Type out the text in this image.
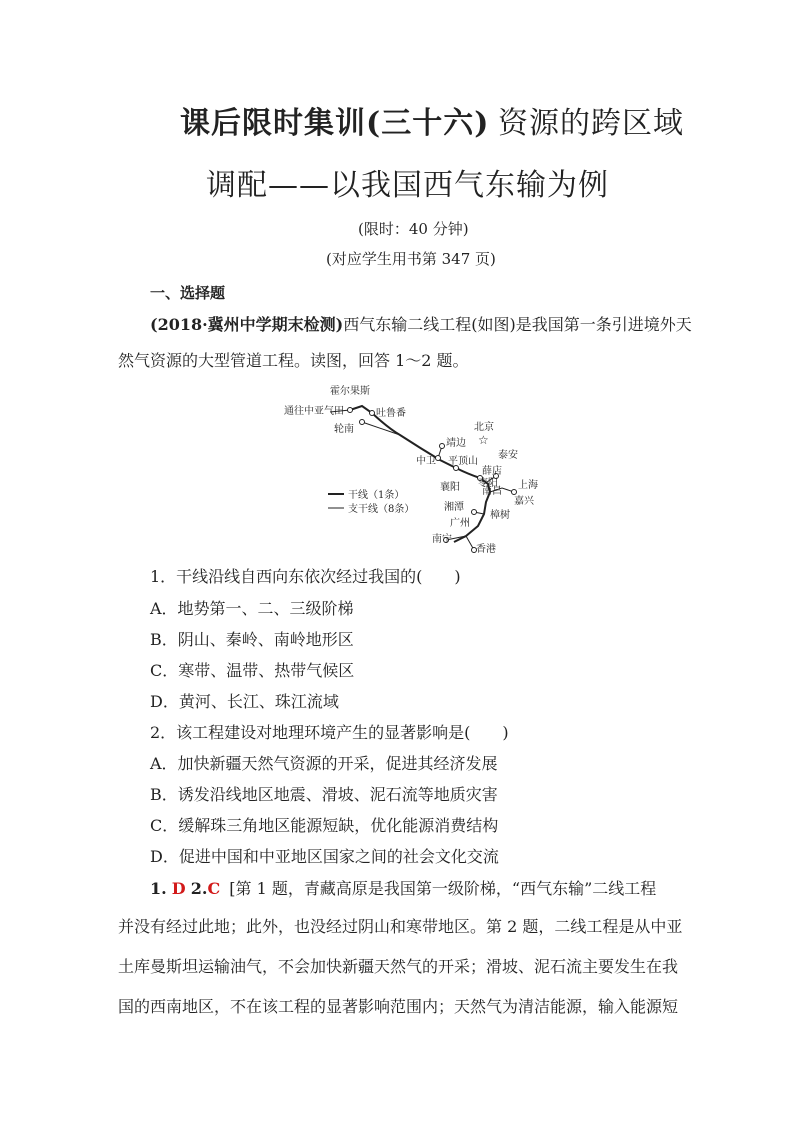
课后限时集训(三十六) 资源的跨区域
调配——以我国西气东输为例
(限时：40 分钟)
(对应学生用书第 347 页)
一、选择题
(2018·冀州中学期末检测)西气东输二线工程(如图)是我国第一条引进境外天
然气资源的大型管道工程。读图，回答 1～2 题。
☆
霍尔果斯
通往中亚气田	吐鲁番
轮南	北京
靖边
泰安
中卫 平顶山
薛店
枣阳
襄阳 南昌
上海
嘉兴
湘潭
樟树
广州
南宁
香港
干线（1条）
支干线（8条）
1．干线沿线自西向东依次经过我国的(　　)
A．地势第一、二、三级阶梯
B．阴山、秦岭、南岭地形区
C．寒带、温带、热带气候区
D．黄河、长江、珠江流域
2．该工程建设对地理环境产生的显著影响是(　　)
A．加快新疆天然气资源的开采，促进其经济发展
B．诱发沿线地区地震、滑坡、泥石流等地质灾害
C．缓解珠三角地区能源短缺，优化能源消费结构
D．促进中国和中亚地区国家之间的社会文化交流
1. D 2.C [第 1 题，青藏高原是我国第一级阶梯，“西气东输”二线工程
并没有经过此地；此外，也没经过阴山和寒带地区。第 2 题，二线工程是从中亚
土库曼斯坦运输油气，不会加快新疆天然气的开采；滑坡、泥石流主要发生在我
国的西南地区，不在该工程的显著影响范围内；天然气为清洁能源，输入能源短
